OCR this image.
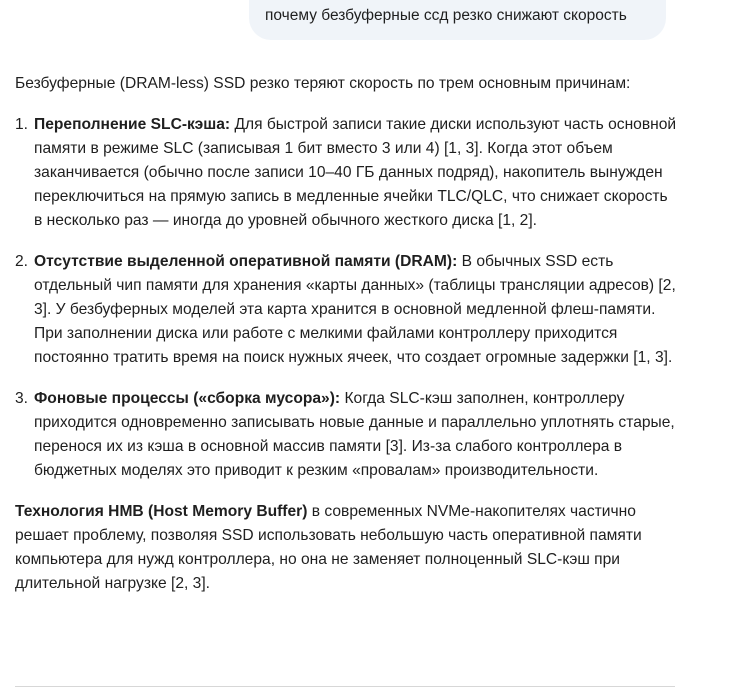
почему безбуферные ссд резко снижают скорость

Безбуферные (DRAM-less) SSD резко теряют скорость по трем основным причинам:

1. Переполнение SLC-кэша: Для быстрой записи такие диски используют часть основной памяти в режиме SLC (записывая 1 бит вместо 3 или 4) [1, 3]. Когда этот объем заканчивается (обычно после записи 10–40 ГБ данных подряд), накопитель вынужден переключиться на прямую запись в медленные ячейки TLC/QLC, что снижает скорость в несколько раз — иногда до уровней обычного жесткого диска [1, 2].
2. Отсутствие выделенной оперативной памяти (DRAM): В обычных SSD есть отдельный чип памяти для хранения «карты данных» (таблицы трансляции адресов) [2, 3]. У безбуферных моделей эта карта хранится в основной медленной флеш-памяти. При заполнении диска или работе с мелкими файлами контроллеру приходится постоянно тратить время на поиск нужных ячеек, что создает огромные задержки [1, 3].
3. Фоновые процессы («сборка мусора»): Когда SLC-кэш заполнен, контроллеру приходится одновременно записывать новые данные и параллельно уплотнять старые, перенося их из кэша в основной массив памяти [3]. Из-за слабого контроллера в бюджетных моделях это приводит к резким «провалам» производительности.

Технология HMB (Host Memory Buffer) в современных NVMe-накопителях частично решает проблему, позволяя SSD использовать небольшую часть оперативной памяти компьютера для нужд контроллера, но она не заменяет полноценный SLC-кэш при длительной нагрузке [2, 3].
